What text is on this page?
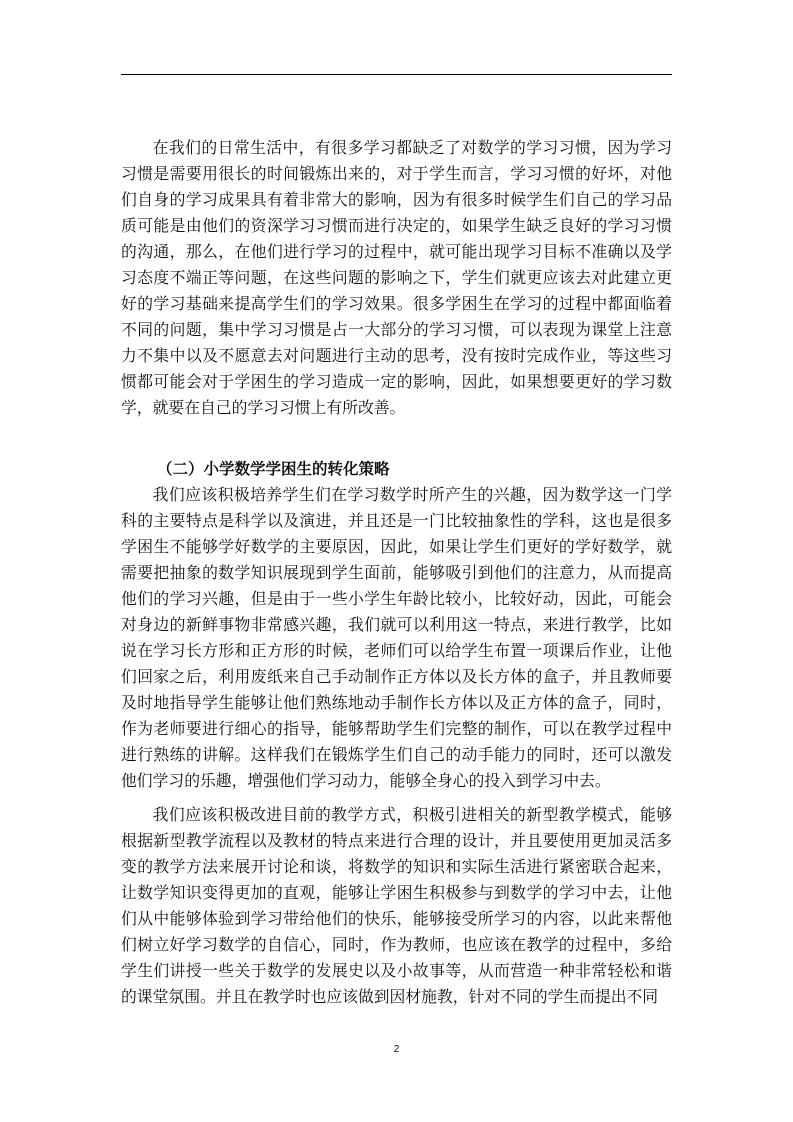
在我们的日常生活中，有很多学习都缺乏了对数学的学习习惯，因为学习习惯是需要用很长的时间锻炼出来的，对于学生而言，学习习惯的好坏，对他们自身的学习成果具有着非常大的影响，因为有很多时候学生们自己的学习品质可能是由他们的资深学习习惯而进行决定的，如果学生缺乏良好的学习习惯的沟通，那么，在他们进行学习的过程中，就可能出现学习目标不准确以及学习态度不端正等问题，在这些问题的影响之下，学生们就更应该去对此建立更好的学习基础来提高学生们的学习效果。很多学困生在学习的过程中都面临着不同的问题，集中学习习惯是占一大部分的学习习惯，可以表现为课堂上注意力不集中以及不愿意去对问题进行主动的思考，没有按时完成作业，等这些习惯都可能会对于学困生的学习造成一定的影响，因此，如果想要更好的学习数学，就要在自己的学习习惯上有所改善。
（二）小学数学学困生的转化策略
我们应该积极培养学生们在学习数学时所产生的兴趣，因为数学这一门学科的主要特点是科学以及演进，并且还是一门比较抽象性的学科，这也是很多学困生不能够学好数学的主要原因，因此，如果让学生们更好的学好数学，就需要把抽象的数学知识展现到学生面前，能够吸引到他们的注意力，从而提高他们的学习兴趣，但是由于一些小学生年龄比较小，比较好动，因此，可能会对身边的新鲜事物非常感兴趣，我们就可以利用这一特点，来进行教学，比如说在学习长方形和正方形的时候，老师们可以给学生布置一项课后作业，让他们回家之后，利用废纸来自己手动制作正方体以及长方体的盒子，并且教师要及时地指导学生能够让他们熟练地动手制作长方体以及正方体的盒子，同时，作为老师要进行细心的指导，能够帮助学生们完整的制作，可以在教学过程中进行熟练的讲解。这样我们在锻炼学生们自己的动手能力的同时，还可以激发他们学习的乐趣，增强他们学习动力，能够全身心的投入到学习中去。
我们应该积极改进目前的教学方式，积极引进相关的新型教学模式，能够根据新型教学流程以及教材的特点来进行合理的设计，并且要使用更加灵活多变的教学方法来展开讨论和谈，将数学的知识和实际生活进行紧密联合起来，让数学知识变得更加的直观，能够让学困生积极参与到数学的学习中去，让他们从中能够体验到学习带给他们的快乐，能够接受所学习的内容，以此来帮他们树立好学习数学的自信心，同时，作为教师，也应该在教学的过程中，多给学生们讲授一些关于数学的发展史以及小故事等，从而营造一种非常轻松和谐的课堂氛围。并且在教学时也应该做到因材施教，针对不同的学生而提出不同
2
